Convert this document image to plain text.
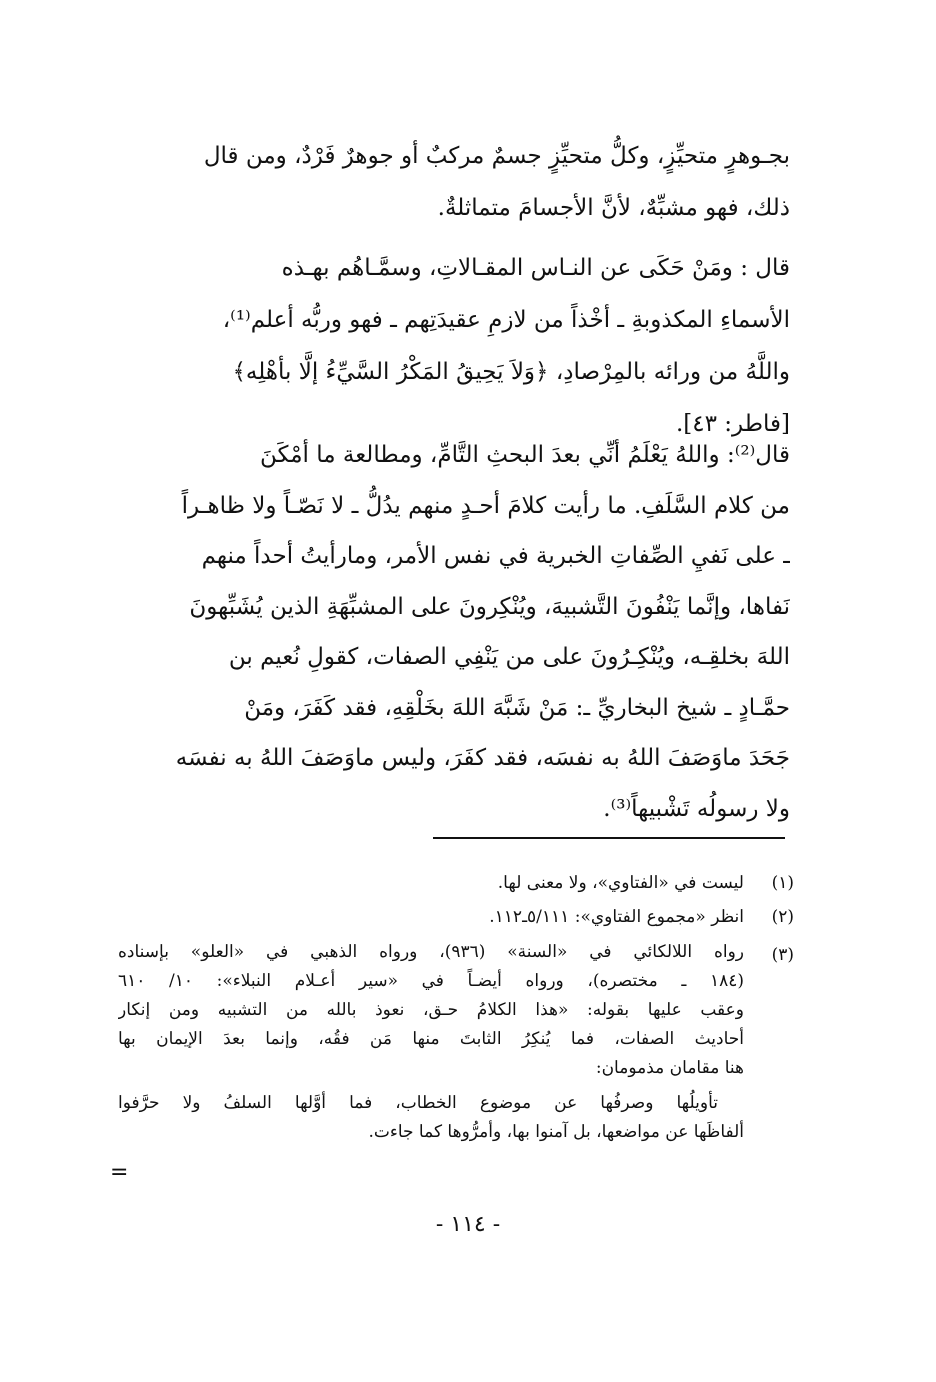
بجـوهرٍ متحيِّزٍ، وكلُّ متحيِّزٍ جسمٌ مركبٌ أو جوهرٌ فَرْدٌ، ومن قال
ذلك، فهو مشبِّهٌ، لأنَّ الأجسامَ متماثلةٌ.
قال : ومَنْ حَكَى عن النـاس المقـالاتِ، وسمَّـاهُم بهـذه
الأسماءِ المكذوبةِ ـ أخْذاً من لازمِ عقيدَتِهم ـ فهو وربُّه أعلم⁽¹⁾،
واللَّهُ من ورائه بالمِرْصادِ، ﴿وَلاَ يَحِيقُ المَكْرُ السَّيِّءُ إلَّا بأهْلِه﴾
[فاطر: ٤٣].
قال⁽²⁾: واللهُ يَعْلَمُ أنِّي بعدَ البحثِ التَّامِّ، ومطالعة ما أمْكَنَ
من كلام السَّلَفِ. ما رأيت كلامَ أحـدٍ منهم يدُلُّ ـ لا نَصّـاً ولا ظاهـراً
ـ على نَفيِ الصِّفاتِ الخبرية في نفس الأمر، ومارأيتُ أحداً منهم
نَفاها، وإنَّما يَنْفُونَ التَّشبيهَ، ويُنْكِرونَ على المشبِّهَةِ الذين يُشَبِّهونَ
اللهَ بخلقِـه، ويُنْكِـرُونَ على من يَنْفِي الصفات، كقولِ نُعيم بن
حمَّـادٍ ـ شيخ البخاريِّ ـ: مَنْ شَبَّهَ اللهَ بخَلْقِهِ، فقد كَفَرَ، ومَنْ
جَحَدَ ماوَصَفَ اللهُ به نفسَه، فقد كفَرَ، وليس ماوَصَفَ اللهُ به نفسَه
ولا رسولُه تَشْبيهاً⁽³⁾.
(١)
ليست في «الفتاوي»، ولا معنى لها.
(٢)
انظر «مجموع الفتاوي»: ٥/١١١ـ١١٢.
(٣)
رواه اللالكائي في «السنة» (٩٣٦)، ورواه الذهبي في «العلو» بإسناده
(١٨٤ ـ مختصره)، ورواه أيضـاً في «سير أعـلام النبلاء»: ١٠/ ٦١٠
وعقب عليها بقوله: «هذا الكلامُ حـق، نعوذ بالله من التشبيه ومن إنكار
أحاديث الصفات، فما يُنكِرُ الثابتَ منها مَن فقُه، وإنما بعدَ الإيمان بها
هنا مقامان مذمومان:
تأويلُها وصرفُها عن موضوع الخطاب، فما أوَّلها السلفُ ولا حرَّفوا
ألفاظَها عن مواضعها، بل آمنوا بها، وأمرُّوها كما جاءت.
=
- ١١٤ -
